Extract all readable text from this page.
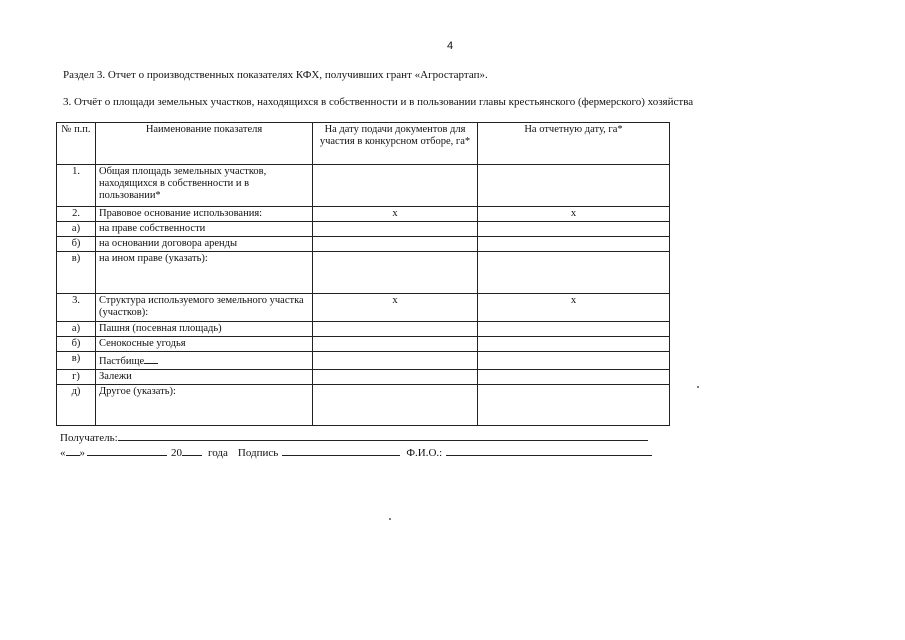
4
Раздел 3. Отчет о производственных показателях КФХ, получивших грант «Агростартап».
3. Отчёт о площади земельных участков, находящихся в собственности и в пользовании главы крестьянского (фермерского) хозяйства
№ п.п.	Наименование показателя	На дату подачи документов для участия в конкурсном отборе, га*	На отчетную дату, га*
1.	Общая площадь земельных участков, находящихся в собственности и в пользовании*		
2.	Правовое основание использования:	х	х
а)	на праве собственности		
б)	на основании договора аренды		
в)	на ином праве (указать):		
3.	Структура используемого земельного участка (участков):	х	х
а)	Пашня (посевная площадь)		
б)	Сенокосные угодья		
в)	Пастбище		
г)	Залежи		
д)	Другое (указать):		
Получатель:
« »	20 года Подпись	Ф.И.О.:
